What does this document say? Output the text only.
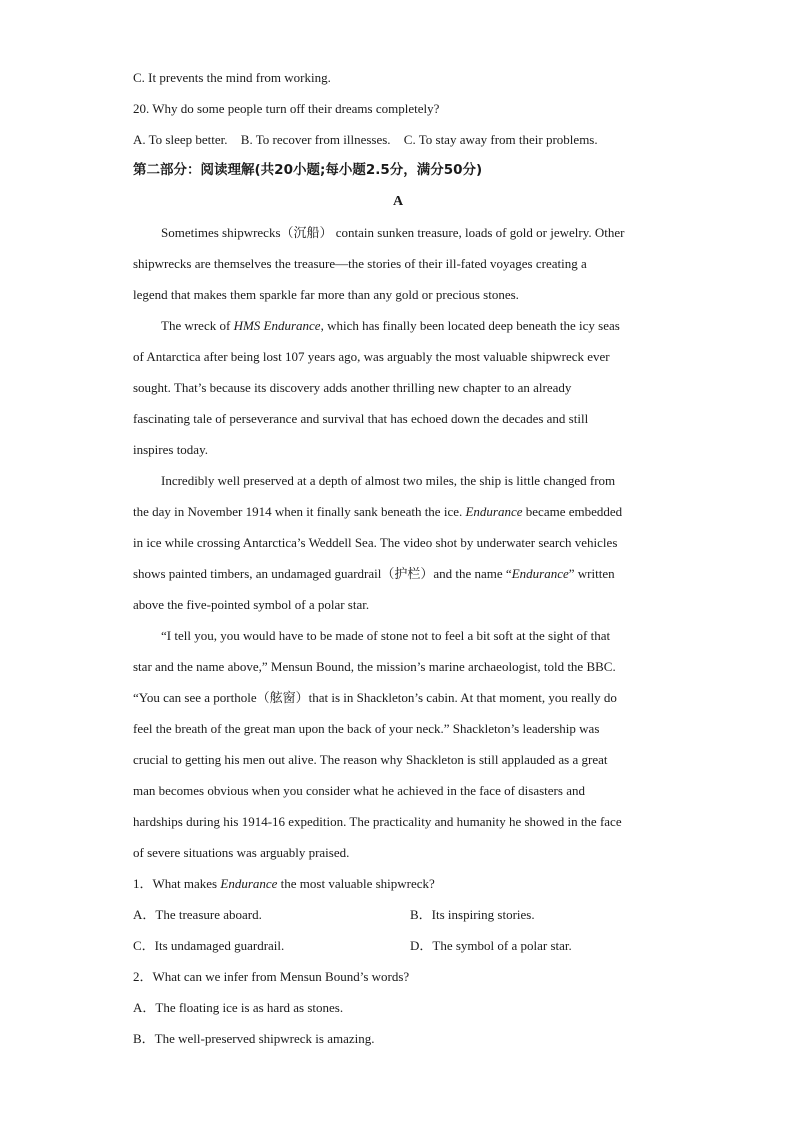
C. It prevents the mind from working.

20. Why do some people turn off their dreams completely?

A. To sleep better. B. To recover from illnesses. C. To stay away from their problems.

第二部分：阅读理解(共20小题;每小题2.5分，满分50分)

A

Sometimes shipwrecks（沉船） contain sunken treasure, loads of gold or jewelry. Other

shipwrecks are themselves the treasure—the stories of their ill-fated voyages creating a

legend that makes them sparkle far more than any gold or precious stones.

The wreck of HMS Endurance, which has finally been located deep beneath the icy seas

of Antarctica after being lost 107 years ago, was arguably the most valuable shipwreck ever

sought. That’s because its discovery adds another thrilling new chapter to an already

fascinating tale of perseverance and survival that has echoed down the decades and still

inspires today.

Incredibly well preserved at a depth of almost two miles, the ship is little changed from

the day in November 1914 when it finally sank beneath the ice. Endurance became embedded

in ice while crossing Antarctica’s Weddell Sea. The video shot by underwater search vehicles

shows painted timbers, an undamaged guardrail（护栏）and the name “Endurance” written

above the five-pointed symbol of a polar star.

“I tell you, you would have to be made of stone not to feel a bit soft at the sight of that

star and the name above,” Mensun Bound, the mission’s marine archaeologist, told the BBC.

“You can see a porthole（舷窗）that is in Shackleton’s cabin. At that moment, you really do

feel the breath of the great man upon the back of your neck.” Shackleton’s leadership was

crucial to getting his men out alive. The reason why Shackleton is still applauded as a great

man becomes obvious when you consider what he achieved in the face of disasters and

hardships during his 1914-16 expedition. The practicality and humanity he showed in the face

of severe situations was arguably praised.

1．What makes Endurance the most valuable shipwreck?

A．The treasure aboard.	B．Its inspiring stories.
C．Its undamaged guardrail.	D．The symbol of a polar star.

2．What can we infer from Mensun Bound’s words?

A．The floating ice is as hard as stones.

B．The well-preserved shipwreck is amazing.
